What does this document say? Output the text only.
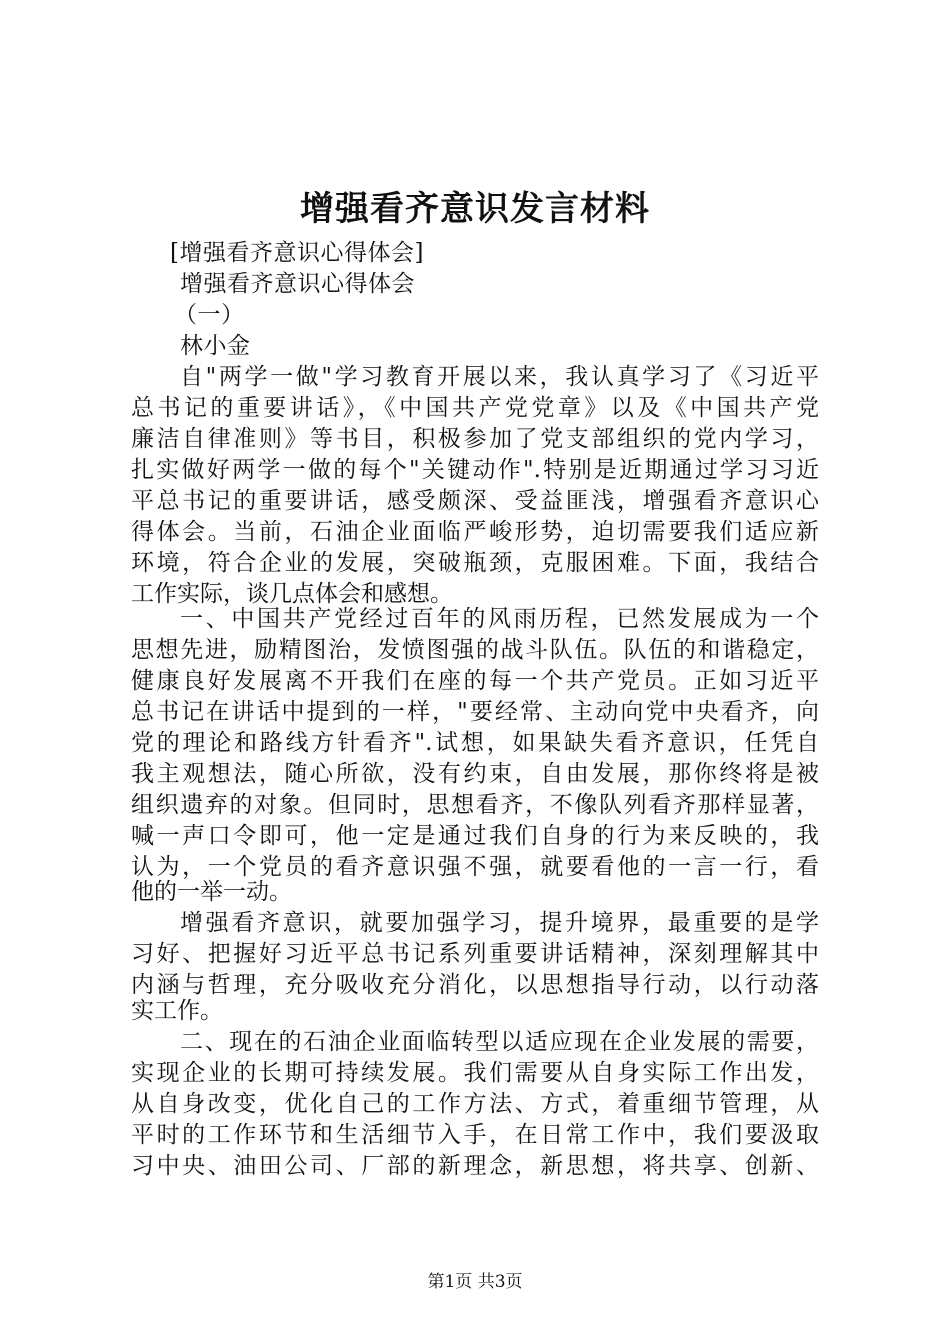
增强看齐意识发言材料
[增强看齐意识心得体会]
增强看齐意识心得体会
（一）
林小金
自"两学一做"学习教育开展以来，我认真学习了《习近平
总书记的重要讲话》，《中国共产党党章》以及《中国共产党
廉洁自律准则》等书目，积极参加了党支部组织的党内学习，
扎实做好两学一做的每个"关键动作".特别是近期通过学习习近
平总书记的重要讲话，感受颇深、受益匪浅，增强看齐意识心
得体会。当前，石油企业面临严峻形势，迫切需要我们适应新
环境，符合企业的发展，突破瓶颈，克服困难。下面，我结合
工作实际，谈几点体会和感想。
一、中国共产党经过百年的风雨历程，已然发展成为一个
思想先进，励精图治，发愤图强的战斗队伍。队伍的和谐稳定，
健康良好发展离不开我们在座的每一个共产党员。正如习近平
总书记在讲话中提到的一样，"要经常、主动向党中央看齐，向
党的理论和路线方针看齐".试想，如果缺失看齐意识，任凭自
我主观想法，随心所欲，没有约束，自由发展，那你终将是被
组织遗弃的对象。但同时，思想看齐，不像队列看齐那样显著，
喊一声口令即可，他一定是通过我们自身的行为来反映的，我
认为，一个党员的看齐意识强不强，就要看他的一言一行，看
他的一举一动。
增强看齐意识，就要加强学习，提升境界，最重要的是学
习好、把握好习近平总书记系列重要讲话精神，深刻理解其中
内涵与哲理，充分吸收充分消化，以思想指导行动，以行动落
实工作。
二、现在的石油企业面临转型以适应现在企业发展的需要，
实现企业的长期可持续发展。我们需要从自身实际工作出发，
从自身改变，优化自己的工作方法、方式，着重细节管理，从
平时的工作环节和生活细节入手，在日常工作中，我们要汲取
习中央、油田公司、厂部的新理念，新思想，将共享、创新、
第1页 共3页
